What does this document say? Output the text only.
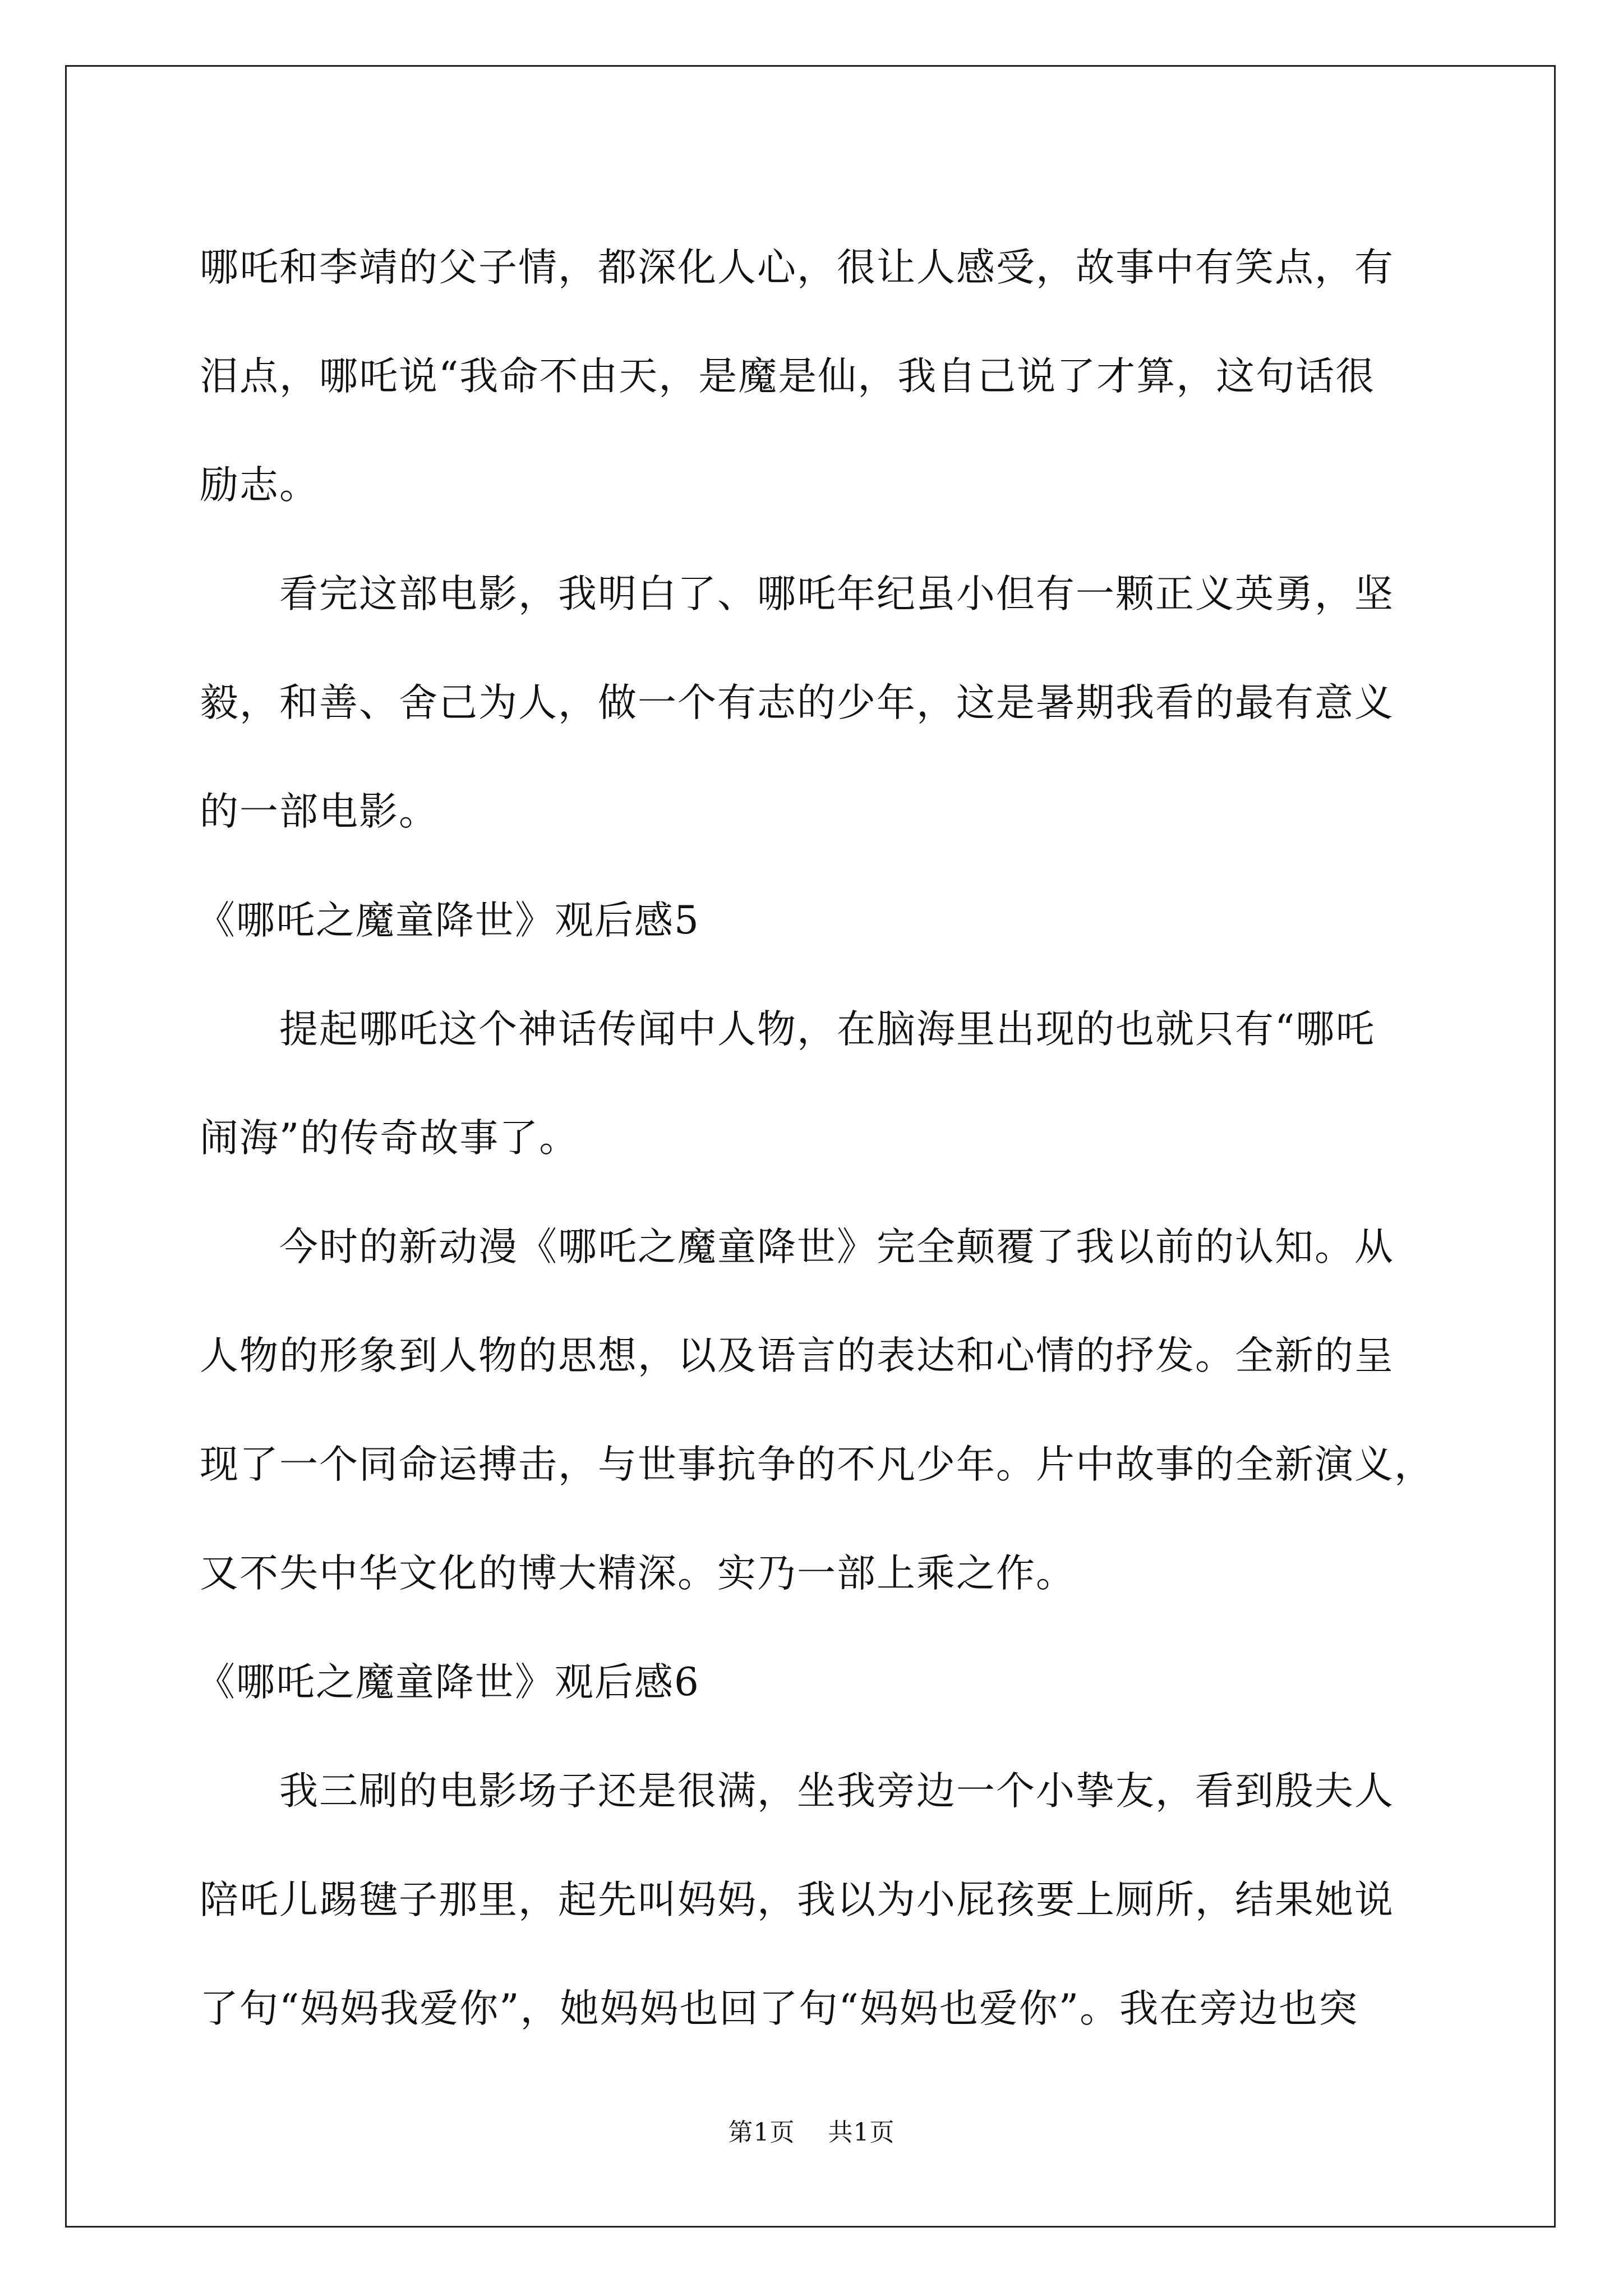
哪吒和李靖的父子情，都深化人心，很让人感受，故事中有笑点，有
泪点，哪吒说“我命不由天，是魔是仙，我自己说了才算，这句话很
励志。
看完这部电影，我明白了、哪吒年纪虽小但有一颗正义英勇，坚
毅，和善、舍己为人，做一个有志的少年，这是暑期我看的最有意义
的一部电影。
《哪吒之魔童降世》观后感5
提起哪吒这个神话传闻中人物，在脑海里出现的也就只有“哪吒
闹海”的传奇故事了。
今时的新动漫《哪吒之魔童降世》完全颠覆了我以前的认知。从
人物的形象到人物的思想，以及语言的表达和心情的抒发。全新的呈
现了一个同命运搏击，与世事抗争的不凡少年。片中故事的全新演义，
又不失中华文化的博大精深。实乃一部上乘之作。
《哪吒之魔童降世》观后感6
我三刷的电影场子还是很满，坐我旁边一个小挚友，看到殷夫人
陪吒儿踢毽子那里，起先叫妈妈，我以为小屁孩要上厕所，结果她说
了句“妈妈我爱你”，她妈妈也回了句“妈妈也爱你”。我在旁边也突
第1页 共1页
